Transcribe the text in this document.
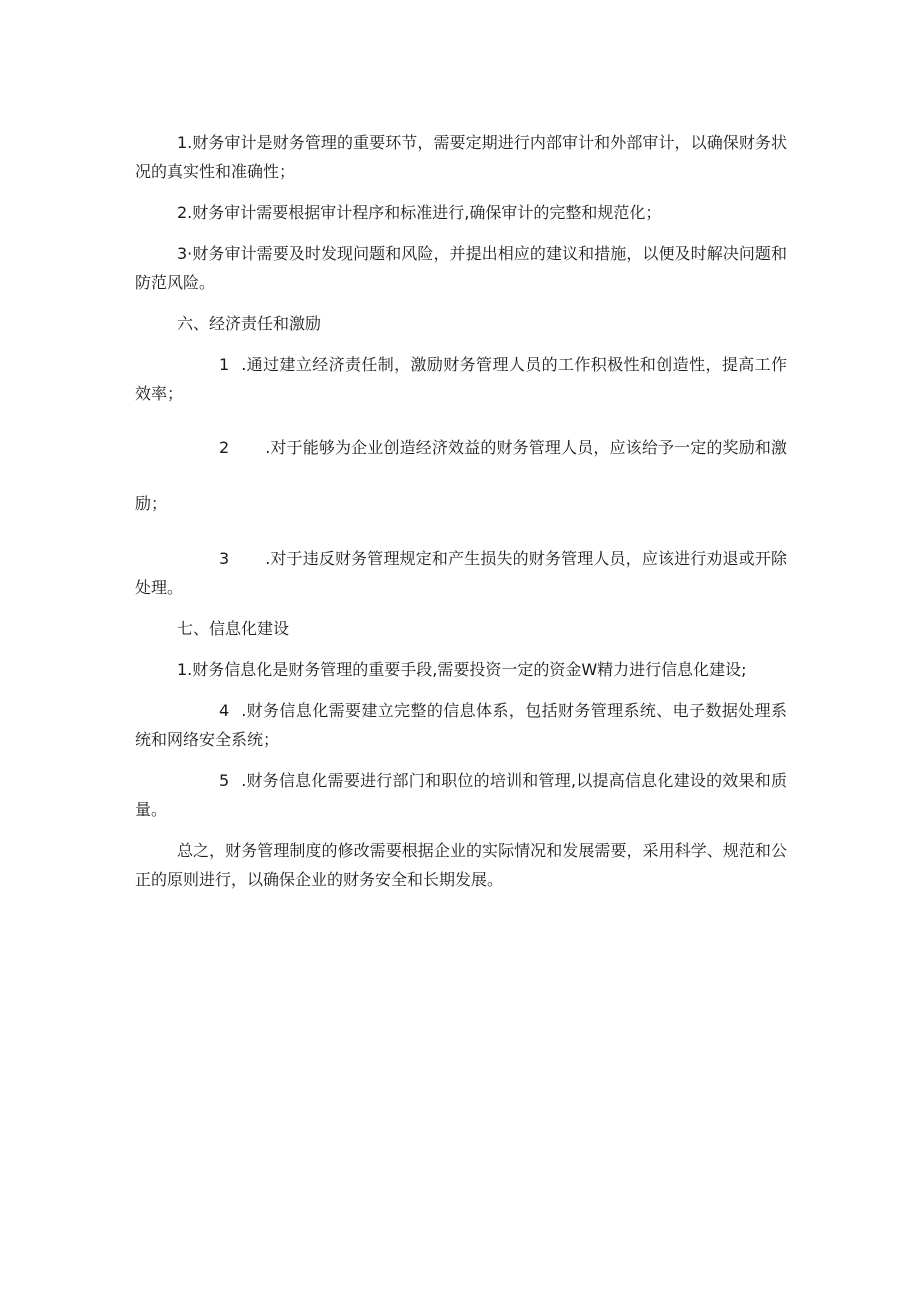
1.财务审计是财务管理的重要环节，需要定期进行内部审计和外部审计，以确保财务状况的真实性和准确性；

2.财务审计需要根据审计程序和标准进行,确保审计的完整和规范化；

3·财务审计需要及时发现问题和风险，并提出相应的建议和措施，以便及时解决问题和防范风险。

六、经济责任和激励

1 .通过建立经济责任制，激励财务管理人员的工作积极性和创造性，提高工作效率；

2 .对于能够为企业创造经济效益的财务管理人员，应该给予一定的奖励和激励；

3 .对于违反财务管理规定和产生损失的财务管理人员，应该进行劝退或开除处理。

七、信息化建设

1.财务信息化是财务管理的重要手段,需要投资一定的资金W精力进行信息化建设;

4 .财务信息化需要建立完整的信息体系，包括财务管理系统、电子数据处理系统和网络安全系统；

5 .财务信息化需要进行部门和职位的培训和管理,以提高信息化建设的效果和质量。

总之，财务管理制度的修改需要根据企业的实际情况和发展需要，采用科学、规范和公正的原则进行，以确保企业的财务安全和长期发展。
